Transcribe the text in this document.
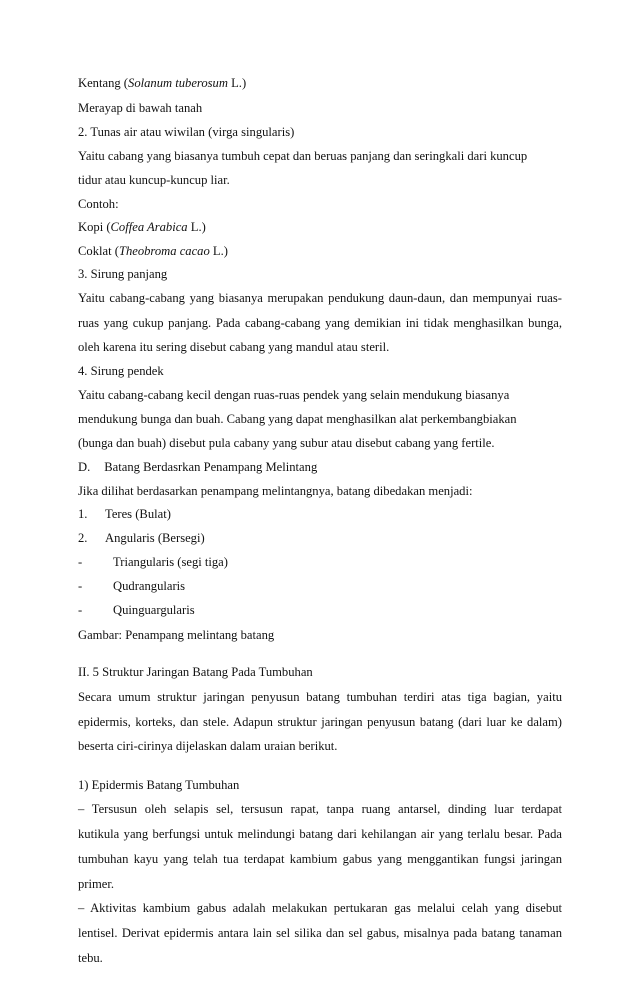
Kentang (Solanum tuberosum L.)
Merayap di bawah tanah
2. Tunas air atau wiwilan (virga singularis)
Yaitu cabang yang biasanya tumbuh cepat dan beruas panjang dan seringkali dari kuncup
tidur atau kuncup-kuncup liar.
Contoh:
Kopi (Coffea Arabica L.)
Coklat (Theobroma cacao L.)
3. Sirung panjang
Yaitu cabang-cabang yang biasanya merupakan pendukung daun-daun, dan mempunyai ruas-
ruas yang cukup panjang. Pada cabang-cabang yang demikian ini tidak menghasilkan bunga,
oleh karena itu sering disebut cabang yang mandul atau steril.
4. Sirung pendek
Yaitu cabang-cabang kecil dengan ruas-ruas pendek yang selain mendukung biasanya
mendukung bunga dan buah. Cabang yang dapat menghasilkan alat perkembangbiakan
(bunga dan buah) disebut pula cabany yang subur atau disebut cabang yang fertile.
D. Batang Berdasrkan Penampang Melintang
Jika dilihat berdasarkan penampang melintangnya, batang dibedakan menjadi:
1. Teres (Bulat)
2. Angularis (Bersegi)
- Triangularis (segi tiga)
- Qudrangularis
- Quinguargularis
Gambar: Penampang melintang batang
II. 5 Struktur Jaringan Batang Pada Tumbuhan
Secara umum struktur jaringan penyusun batang tumbuhan terdiri atas tiga bagian, yaitu
epidermis, korteks, dan stele. Adapun struktur jaringan penyusun batang (dari luar ke dalam)
beserta ciri-cirinya dijelaskan dalam uraian berikut.
1) Epidermis Batang Tumbuhan
– Tersusun oleh selapis sel, tersusun rapat, tanpa ruang antarsel, dinding luar terdapat
kutikula yang berfungsi untuk melindungi batang dari kehilangan air yang terlalu besar. Pada
tumbuhan kayu yang telah tua terdapat kambium gabus yang menggantikan fungsi jaringan
primer.
– Aktivitas kambium gabus adalah melakukan pertukaran gas melalui celah yang disebut
lentisel. Derivat epidermis antara lain sel silika dan sel gabus, misalnya pada batang tanaman
tebu.
